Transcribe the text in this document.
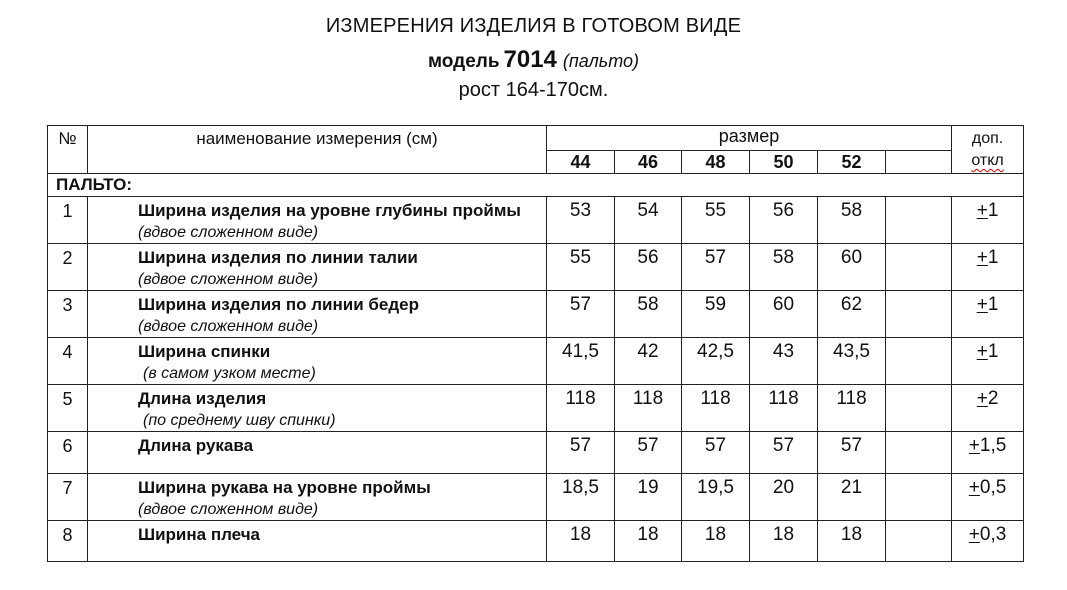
ИЗМЕРЕНИЯ ИЗДЕЛИЯ В ГОТОВОМ ВИДЕ
модель 7014 (пальто)
рост 164-170см.
№	наименование измерения (см)	размер						доп.
откл

		44	46	48	50	52		
ПАЛЬТО:								
1	Ширина изделия на уровне глубины проймы
(вдвое сложенном виде)	53	54	55	56	58		+1
2	Ширина изделия по линии талии
(вдвое сложенном виде)	55	56	57	58	60		+1
3	Ширина изделия по линии бедер
(вдвое сложенном виде)	57	58	59	60	62		+1
4	Ширина спинки
(в самом узком месте)	41,5	42	42,5	43	43,5		+1
5	Длина изделия
(по среднему шву спинки)	118	118	118	118	118		+2
6	Длина рукава	57	57	57	57	57		+1,5
7	Ширина рукава на уровне проймы
(вдвое сложенном виде)	18,5	19	19,5	20	21		+0,5
8	Ширина плеча	18	18	18	18	18		+0,3
